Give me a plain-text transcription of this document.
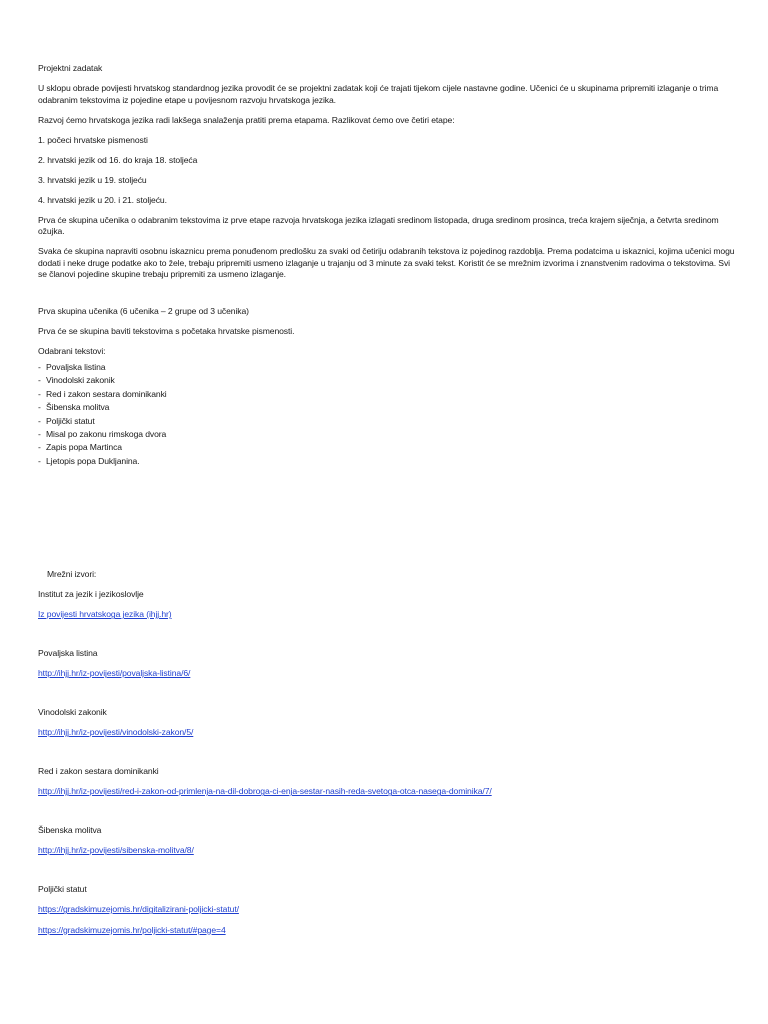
Projektni zadatak

U sklopu obrade povijesti hrvatskog standardnog jezika provodit će se projektni zadatak koji će trajati tijekom cijele nastavne godine. Učenici će u skupinama pripremiti izlaganje o trima odabranim tekstovima iz pojedine etape u povijesnom razvoju hrvatskoga jezika.

Razvoj ćemo hrvatskoga jezika radi lakšega snalaženja pratiti prema etapama. Razlikovat ćemo ove četiri etape:

1. počeci hrvatske pismenosti

2. hrvatski jezik od 16. do kraja 18. stoljeća

3. hrvatski jezik u 19. stoljeću

4. hrvatski jezik u 20. i 21. stoljeću.

Prva će skupina učenika o odabranim tekstovima iz prve etape razvoja hrvatskoga jezika izlagati sredinom listopada, druga sredinom prosinca, treća krajem siječnja, a četvrta sredinom ožujka.

Svaka će skupina napraviti osobnu iskaznicu prema ponuđenom predlošku za svaki od četiriju odabranih tekstova iz pojedinog razdoblja. Prema podatcima u iskaznici, kojima učenici mogu dodati i neke druge podatke ako to žele, trebaju pripremiti usmeno izlaganje u trajanju od 3 minute za svaki tekst. Koristit će se mrežnim izvorima i znanstvenim radovima o tekstovima. Svi se članovi pojedine skupine trebaju pripremiti za usmeno izlaganje.

Prva skupina učenika (6 učenika – 2 grupe od 3 učenika)

Prva će se skupina baviti tekstovima s početaka hrvatske pismenosti.

Odabrani tekstovi:

- Povaljska listina
- Vinodolski zakonik
- Red i zakon sestara dominikanki
- Šibenska molitva
- Poljički statut
- Misal po zakonu rimskoga dvora
- Zapis popa Martinca
- Ljetopis popa Dukljanina.

Mrežni izvori:

Institut za jezik i jezikoslovlje

Iz povijesti hrvatskoga jezika (ihjj.hr)

Povaljska listina

http://ihjj.hr/iz-povijesti/povaljska-listina/6/

Vinodolski zakonik

http://ihjj.hr/iz-povijesti/vinodolski-zakon/5/

Red i zakon sestara dominikanki

http://ihjj.hr/iz-povijesti/red-i-zakon-od-primlenja-na-dil-dobroga-ci-enja-sestar-nasih-reda-svetoga-otca-nasega-dominika/7/

Šibenska molitva

http://ihjj.hr/iz-povijesti/sibenska-molitva/8/

Poljički statut

https://gradskimuzejomis.hr/digitalizirani-poljicki-statut/

https://gradskimuzejomis.hr/poljicki-statut/#page=4
